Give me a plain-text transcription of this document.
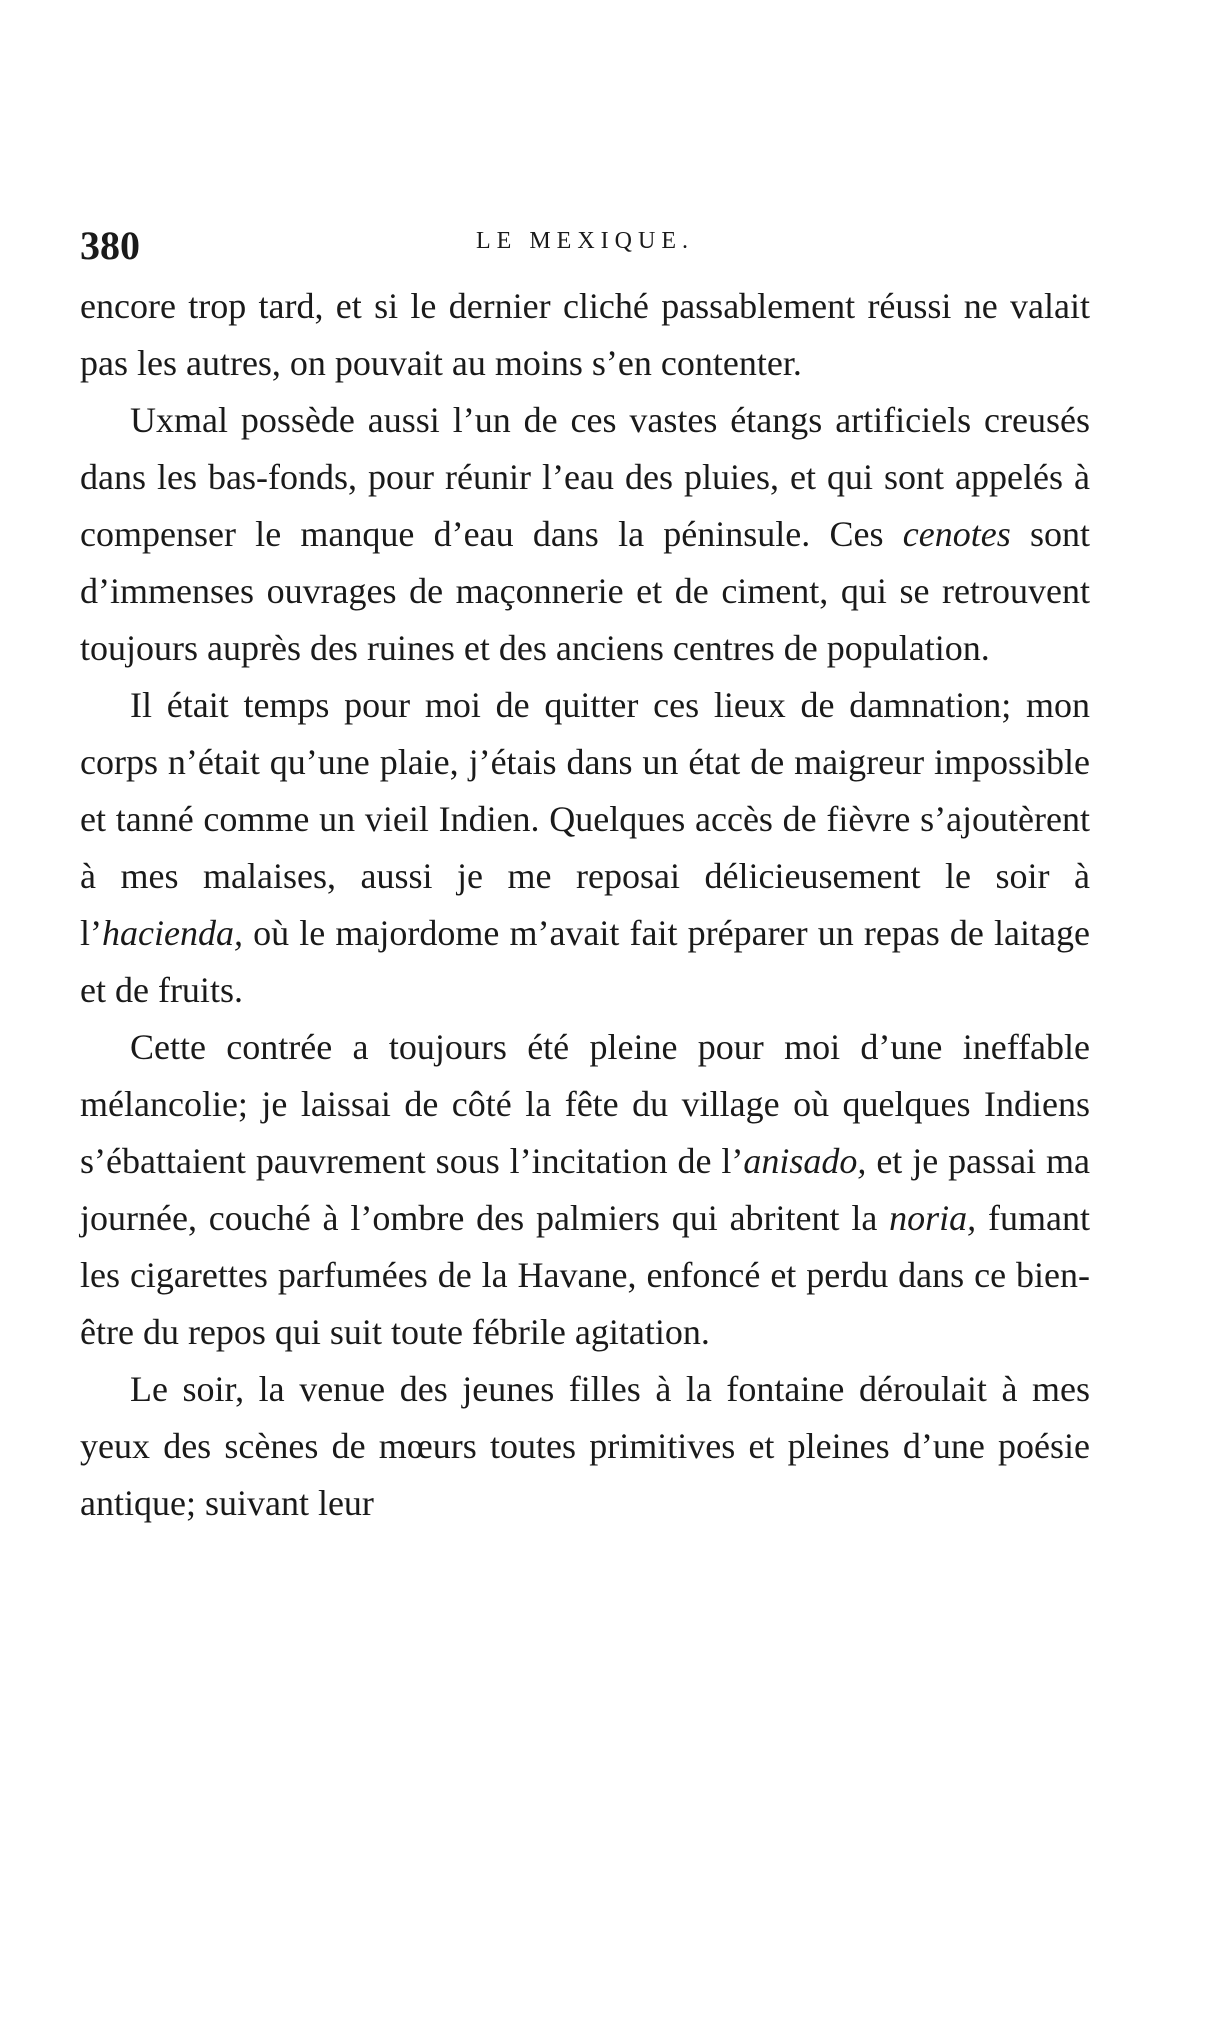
380	LE MEXIQUE.

encore trop tard, et si le dernier cliché passablement réussi ne valait pas les autres, on pouvait au moins s’en contenter.

Uxmal possède aussi l’un de ces vastes étangs artificiels creusés dans les bas-fonds, pour réunir l’eau des pluies, et qui sont appelés à compenser le manque d’eau dans la péninsule. Ces cenotes sont d’immenses ouvrages de maçonnerie et de ciment, qui se retrouvent toujours auprès des ruines et des anciens centres de population.

Il était temps pour moi de quitter ces lieux de damnation; mon corps n’était qu’une plaie, j’étais dans un état de maigreur impossible et tanné comme un vieil Indien. Quelques accès de fièvre s’ajoutèrent à mes malaises, aussi je me reposai délicieusement le soir à l’hacienda, où le majordome m’avait fait préparer un repas de laitage et de fruits.

Cette contrée a toujours été pleine pour moi d’une ineffable mélancolie; je laissai de côté la fête du village où quelques Indiens s’ébattaient pauvrement sous l’incitation de l’anisado, et je passai ma journée, couché à l’ombre des palmiers qui abritent la noria, fumant les cigarettes parfumées de la Havane, enfoncé et perdu dans ce bien-être du repos qui suit toute fébrile agitation.

Le soir, la venue des jeunes filles à la fontaine déroulait à mes yeux des scènes de mœurs toutes primitives et pleines d’une poésie antique; suivant leur
